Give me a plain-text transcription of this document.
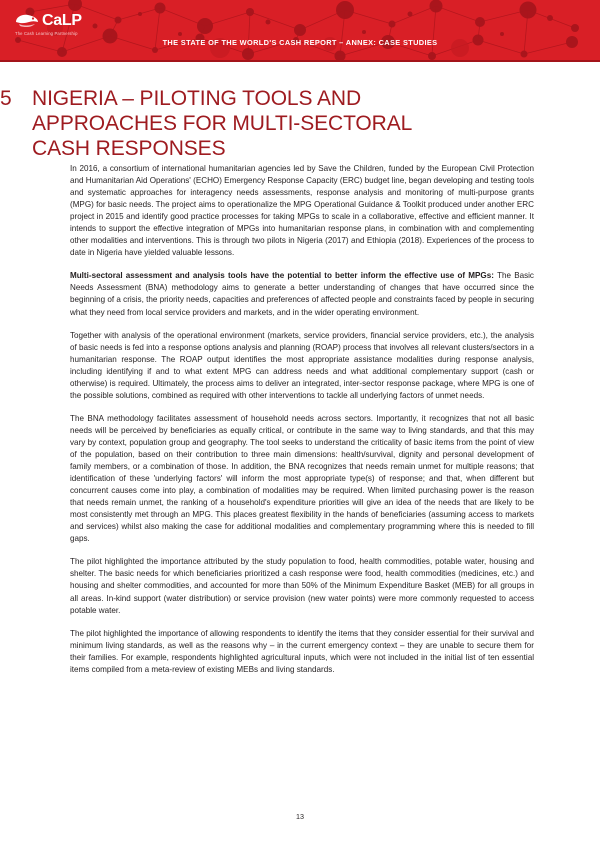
CaLP
The Cash Learning Partnership
THE STATE OF THE WORLD'S CASH REPORT – ANNEX: CASE STUDIES
5 NIGERIA – PILOTING TOOLS AND APPROACHES FOR MULTI-SECTORAL CASH RESPONSES

In 2016, a consortium of international humanitarian agencies led by Save the Children, funded by the European Civil Protection and Humanitarian Aid Operations' (ECHO) Emergency Response Capacity (ERC) budget line, began developing and testing tools and systematic approaches for interagency needs assessments, response analysis and monitoring of multi-purpose grants (MPG) for basic needs. The project aims to operationalize the MPG Operational Guidance & Toolkit produced under another ERC project in 2015 and identify good practice processes for taking MPGs to scale in a collaborative, effective and efficient manner. It intends to support the effective integration of MPGs into humanitarian response plans, in combination with and complementing other modalities and interventions. This is through two pilots in Nigeria (2017) and Ethiopia (2018). Experiences of the process to date in Nigeria have yielded valuable lessons.

Multi-sectoral assessment and analysis tools have the potential to better inform the effective use of MPGs: The Basic Needs Assessment (BNA) methodology aims to generate a better understanding of changes that have occurred since the beginning of a crisis, the priority needs, capacities and preferences of affected people and constraints faced by people in securing what they need from local service providers and markets, and in the wider operating environment.

Together with analysis of the operational environment (markets, service providers, financial service providers, etc.), the analysis of basic needs is fed into a response options analysis and planning (ROAP) process that involves all relevant clusters/sectors in a humanitarian response. The ROAP output identifies the most appropriate assistance modalities during response analysis, including identifying if and to what extent MPG can address needs and what additional complementary support (cash or otherwise) is required. Ultimately, the process aims to deliver an integrated, inter-sector response package, where MPG is one of the possible solutions, combined as required with other interventions to tackle all underlying factors of unmet needs.

The BNA methodology facilitates assessment of household needs across sectors. Importantly, it recognizes that not all basic needs will be perceived by beneficiaries as equally critical, or contribute in the same way to living standards, and that this may vary by context, population group and geography. The tool seeks to understand the criticality of basic items from the point of view of the population, based on their contribution to three main dimensions: health/survival, dignity and personal development of family members, or a combination of those. In addition, the BNA recognizes that needs remain unmet for multiple reasons; that identification of these 'underlying factors' will inform the most appropriate type(s) of response; and that, when different but concurrent causes come into play, a combination of modalities may be required. When limited purchasing power is the reason that needs remain unmet, the ranking of a household's expenditure priorities will give an idea of the needs that are likely to be most consistently met through an MPG. This places greatest flexibility in the hands of beneficiaries (assuming access to markets and services) whilst also making the case for additional modalities and complementary programming where this is needed to fill gaps.

The pilot highlighted the importance attributed by the study population to food, health commodities, potable water, housing and shelter. The basic needs for which beneficiaries prioritized a cash response were food, health commodities (medicines, etc.) and housing and shelter commodities, and accounted for more than 50% of the Minimum Expenditure Basket (MEB) for all groups in all areas. In-kind support (water distribution) or service provision (new water points) were more commonly requested to access potable water.

The pilot highlighted the importance of allowing respondents to identify the items that they consider essential for their survival and minimum living standards, as well as the reasons why – in the current emergency context – they are unable to secure them for their families. For example, respondents highlighted agricultural inputs, which were not included in the initial list of ten essential items compiled from a meta-review of existing MEBs and living standards.

13
